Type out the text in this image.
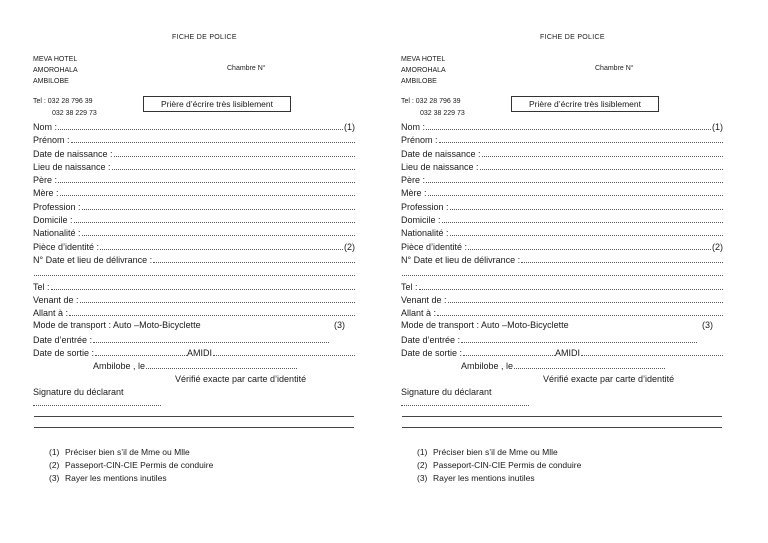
FICHE DE POLICE
MEVA HOTEL
AMOROHALA
AMBILOBE
Chambre N°
Tel : 032 28 796 39
032 38 229 73
Prière d’écrire très lisiblement
Nom :	(1)
Prénom :
Date de naissance :
Lieu de naissance :
Père :
Mère :
Profession :
Domicile :
Nationalité :
Pièce d’identité :	(2)
N° Date et lieu de délivrance :
Tel :
Venant de :
Allant à :
Mode de transport : Auto –Moto-Bicyclette	(3)
Date d’entrée :
Date de sortie :	AMIDI
Ambilobe , le
Vérifié exacte par carte d’identité
Signature du déclarant
(1) Préciser bien s’il de Mme ou Mlle
(2) Passeport-CIN-CIE Permis de conduire
(3) Rayer les mentions inutiles
FICHE DE POLICE
MEVA HOTEL
AMOROHALA
AMBILOBE
Chambre N°
Tel : 032 28 796 39
032 38 229 73
Prière d’écrire très lisiblement
Nom :	(1)
Prénom :
Date de naissance :
Lieu de naissance :
Père :
Mère :
Profession :
Domicile :
Nationalité :
Pièce d’identité :	(2)
N° Date et lieu de délivrance :
Tel :
Venant de :
Allant à :
Mode de transport : Auto –Moto-Bicyclette	(3)
Date d’entrée :
Date de sortie :	AMIDI
Ambilobe , le
Vérifié exacte par carte d’identité
Signature du déclarant
(1) Préciser bien s’il de Mme ou Mlle
(2) Passeport-CIN-CIE Permis de conduire
(3) Rayer les mentions inutiles
